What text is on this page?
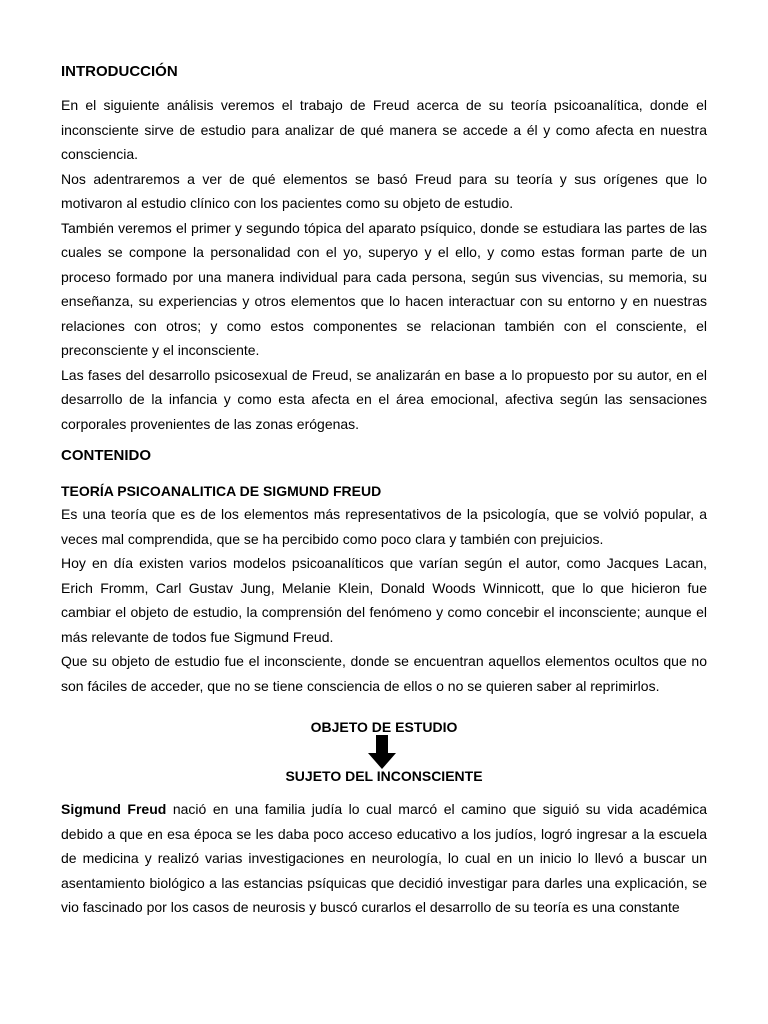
INTRODUCCIÓN

En el siguiente análisis veremos el trabajo de Freud acerca de su teoría psicoanalítica, donde el inconsciente sirve de estudio para analizar de qué manera se accede a él y como afecta en nuestra consciencia.

Nos adentraremos a ver de qué elementos se basó Freud para su teoría y sus orígenes que lo motivaron al estudio clínico con los pacientes como su objeto de estudio.

También veremos el primer y segundo tópica del aparato psíquico, donde se estudiara las partes de las cuales se compone la personalidad con el yo, superyo y el ello, y como estas forman parte de un proceso formado por una manera individual para cada persona, según sus vivencias, su memoria, su enseñanza, su experiencias y otros elementos que lo hacen interactuar con su entorno y en nuestras relaciones con otros; y como estos componentes se relacionan también con el consciente, el preconsciente y el inconsciente.

Las fases del desarrollo psicosexual de Freud, se analizarán en base a lo propuesto por su autor, en el desarrollo de la infancia y como esta afecta en el área emocional, afectiva según las sensaciones corporales provenientes de las zonas erógenas.

CONTENIDO
TEORÍA PSICOANALITICA DE SIGMUND FREUD

Es una teoría que es de los elementos más representativos de la psicología, que se volvió popular, a veces mal comprendida, que se ha percibido como poco clara y también con prejuicios.

Hoy en día existen varios modelos psicoanalíticos que varían según el autor, como Jacques Lacan, Erich Fromm, Carl Gustav Jung, Melanie Klein, Donald Woods Winnicott, que lo que hicieron fue cambiar el objeto de estudio, la comprensión del fenómeno y como concebir el inconsciente; aunque el más relevante de todos fue Sigmund Freud.

Que su objeto de estudio fue el inconsciente, donde se encuentran aquellos elementos ocultos que no son fáciles de acceder, que no se tiene consciencia de ellos o no se quieren saber al reprimirlos.

OBJETO DE ESTUDIO
SUJETO DEL INCONSCIENTE

Sigmund Freud nació en una familia judía lo cual marcó el camino que siguió su vida académica debido a que en esa época se les daba poco acceso educativo a los judíos, logró ingresar a la escuela de medicina y realizó varias investigaciones en neurología, lo cual en un inicio lo llevó a buscar un asentamiento biológico a las estancias psíquicas que decidió investigar para darles una explicación, se vio fascinado por los casos de neurosis y buscó curarlos el desarrollo de su teoría es una constante
